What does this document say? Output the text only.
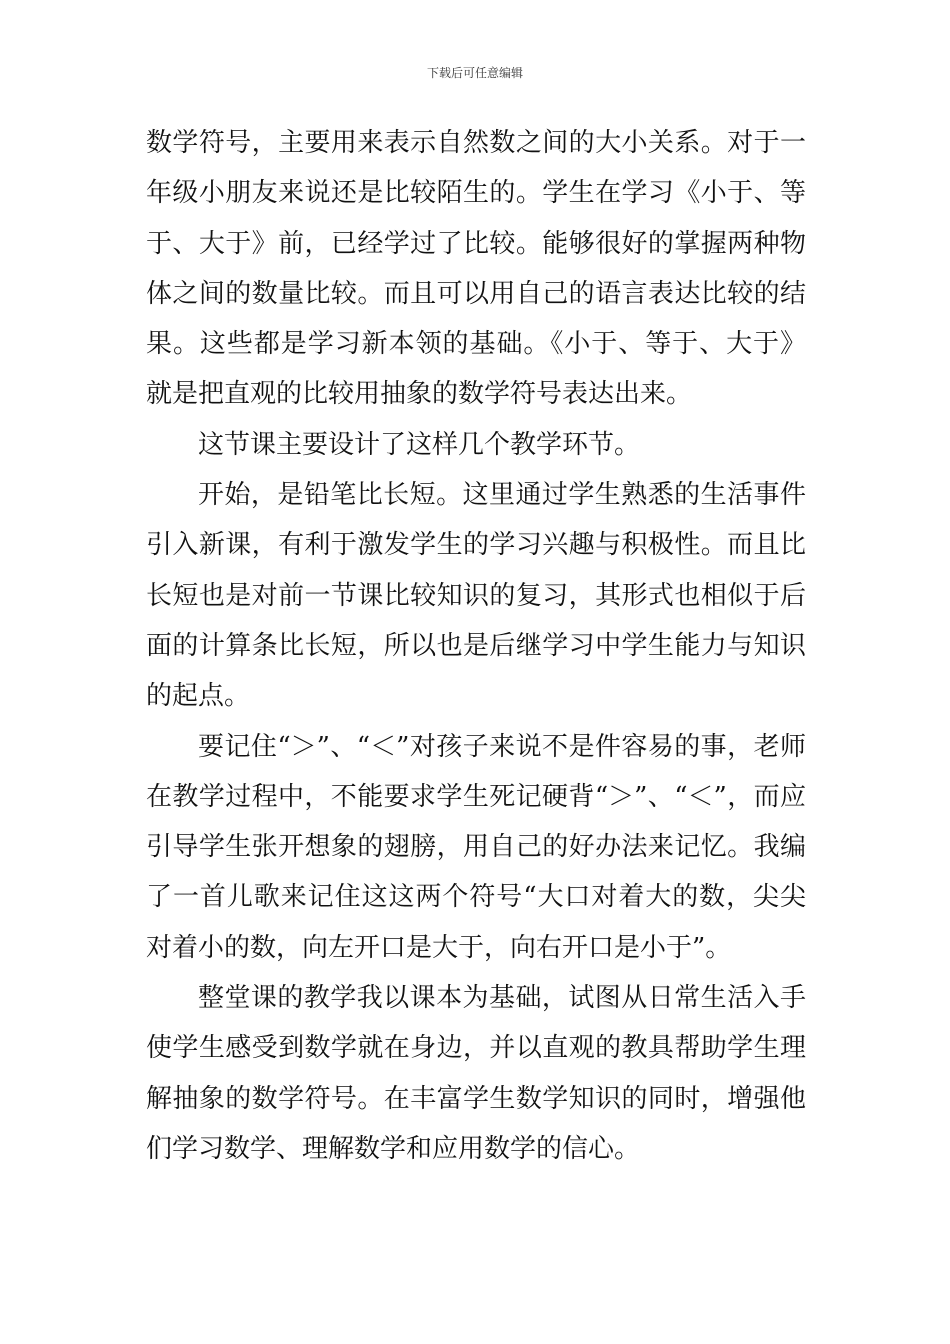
下载后可任意编辑

数学符号，主要用来表示自然数之间的大小关系。对于一年级小朋友来说还是比较陌生的。学生在学习《小于、等于、大于》前，已经学过了比较。能够很好的掌握两种物体之间的数量比较。而且可以用自己的语言表达比较的结果。这些都是学习新本领的基础。《小于、等于、大于》就是把直观的比较用抽象的数学符号表达出来。

这节课主要设计了这样几个教学环节。

开始，是铅笔比长短。这里通过学生熟悉的生活事件引入新课，有利于激发学生的学习兴趣与积极性。而且比长短也是对前一节课比较知识的复习，其形式也相似于后面的计算条比长短，所以也是后继学习中学生能力与知识的起点。

要记住“＞”、“＜”对孩子来说不是件容易的事，老师在教学过程中，不能要求学生死记硬背“＞”、“＜”，而应引导学生张开想象的翅膀，用自己的好办法来记忆。我编了一首儿歌来记住这这两个符号“大口对着大的数，尖尖对着小的数，向左开口是大于，向右开口是小于”。

整堂课的教学我以课本为基础，试图从日常生活入手使学生感受到数学就在身边，并以直观的教具帮助学生理解抽象的数学符号。在丰富学生数学知识的同时，增强他们学习数学、理解数学和应用数学的信心。
